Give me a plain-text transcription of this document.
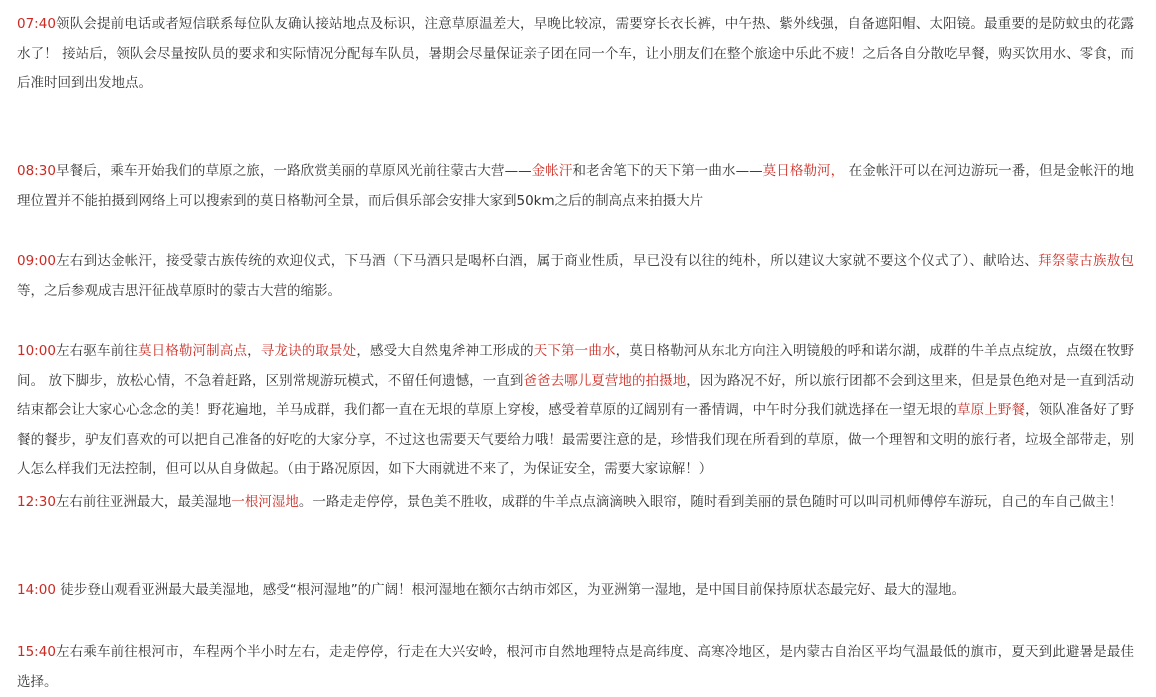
07:40领队会提前电话或者短信联系每位队友确认接站地点及标识，注意草原温差大，早晚比较凉，需要穿长衣长裤，中午热、紫外线强，自备遮阳帽、太阳镜。最重要的是防蚊虫的花露水了！ 接站后，领队会尽量按队员的要求和实际情况分配每车队员，暑期会尽量保证亲子团在同一个车，让小朋友们在整个旅途中乐此不疲！之后各自分散吃早餐，购买饮用水、零食，而后准时回到出发地点。

08:30早餐后，乘车开始我们的草原之旅，一路欣赏美丽的草原风光前往蒙古大营——金帐汗和老舍笔下的天下第一曲水——莫日格勒河， 在金帐汗可以在河边游玩一番，但是金帐汗的地理位置并不能拍摄到网络上可以搜索到的莫日格勒河全景，而后俱乐部会安排大家到50km之后的制高点来拍摄大片

09:00左右到达金帐汗，接受蒙古族传统的欢迎仪式，下马酒（下马酒只是喝杯白酒，属于商业性质，早已没有以往的纯朴，所以建议大家就不要这个仪式了）、献哈达、拜祭蒙古族敖包等，之后参观成吉思汗征战草原时的蒙古大营的缩影。

10:00左右驱车前往莫日格勒河制高点，寻龙诀的取景处，感受大自然鬼斧神工形成的天下第一曲水，莫日格勒河从东北方向注入明镜般的呼和诺尔湖，成群的牛羊点点绽放，点缀在牧野间。 放下脚步，放松心情，不急着赶路，区别常规游玩模式，不留任何遗憾，一直到爸爸去哪儿夏营地的拍摄地，因为路况不好，所以旅行团都不会到这里来，但是景色绝对是一直到活动结束都会让大家心心念念的美！野花遍地，羊马成群，我们都一直在无垠的草原上穿梭，感受着草原的辽阔别有一番情调，中午时分我们就选择在一望无垠的草原上野餐，领队准备好了野餐的餐步，驴友们喜欢的可以把自己准备的好吃的大家分享，不过这也需要天气要给力哦！最需要注意的是，珍惜我们现在所看到的草原，做一个理智和文明的旅行者，垃圾全部带走，别人怎么样我们无法控制，但可以从自身做起。（由于路况原因，如下大雨就进不来了，为保证安全，需要大家谅解！）

12:30左右前往亚洲最大，最美湿地一根河湿地。一路走走停停，景色美不胜收，成群的牛羊点点滴滴映入眼帘，随时看到美丽的景色随时可以叫司机师傅停车游玩，自己的车自己做主！

14:00 徒步登山观看亚洲最大最美湿地，感受“根河湿地”的广阔！根河湿地在额尔古纳市郊区，为亚洲第一湿地，是中国目前保持原状态最完好、最大的湿地。

15:40左右乘车前往根河市，车程两个半小时左右，走走停停，行走在大兴安岭，根河市自然地理特点是高纬度、高寒冷地区，是内蒙古自治区平均气温最低的旗市，夏天到此避暑是最佳选择。
